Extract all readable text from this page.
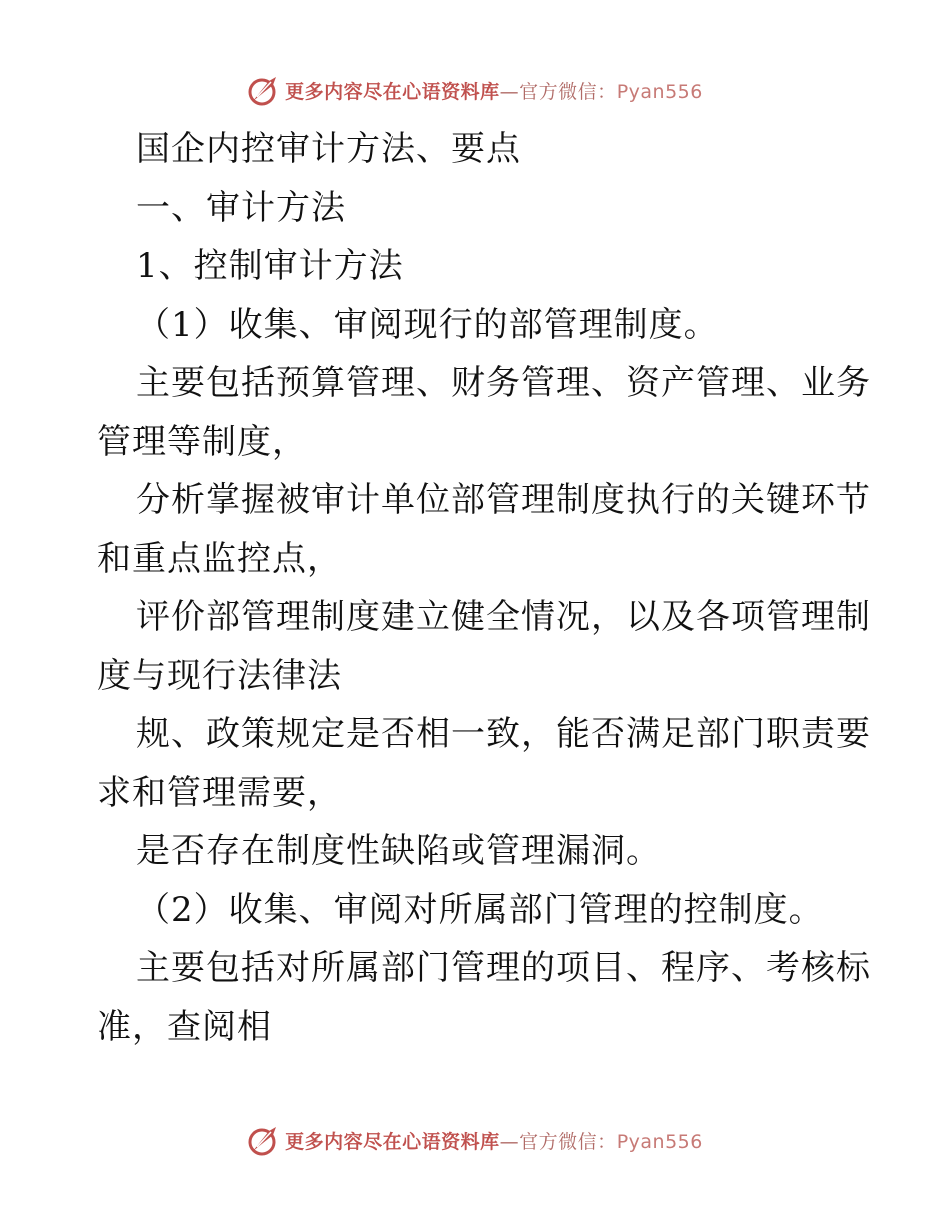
更多内容尽在心语资料库—官方微信：Pyan556
国企内控审计方法、要点
一、审计方法
1、控制审计方法
（1）收集、审阅现行的部管理制度。
主要包括预算管理、财务管理、资产管理、业务
管理等制度，
分析掌握被审计单位部管理制度执行的关键环节
和重点监控点，
评价部管理制度建立健全情况，以及各项管理制
度与现行法律法
规、政策规定是否相一致，能否满足部门职责要
求和管理需要，
是否存在制度性缺陷或管理漏洞。
（2）收集、审阅对所属部门管理的控制度。
主要包括对所属部门管理的项目、程序、考核标
准，查阅相
更多内容尽在心语资料库—官方微信：Pyan556
